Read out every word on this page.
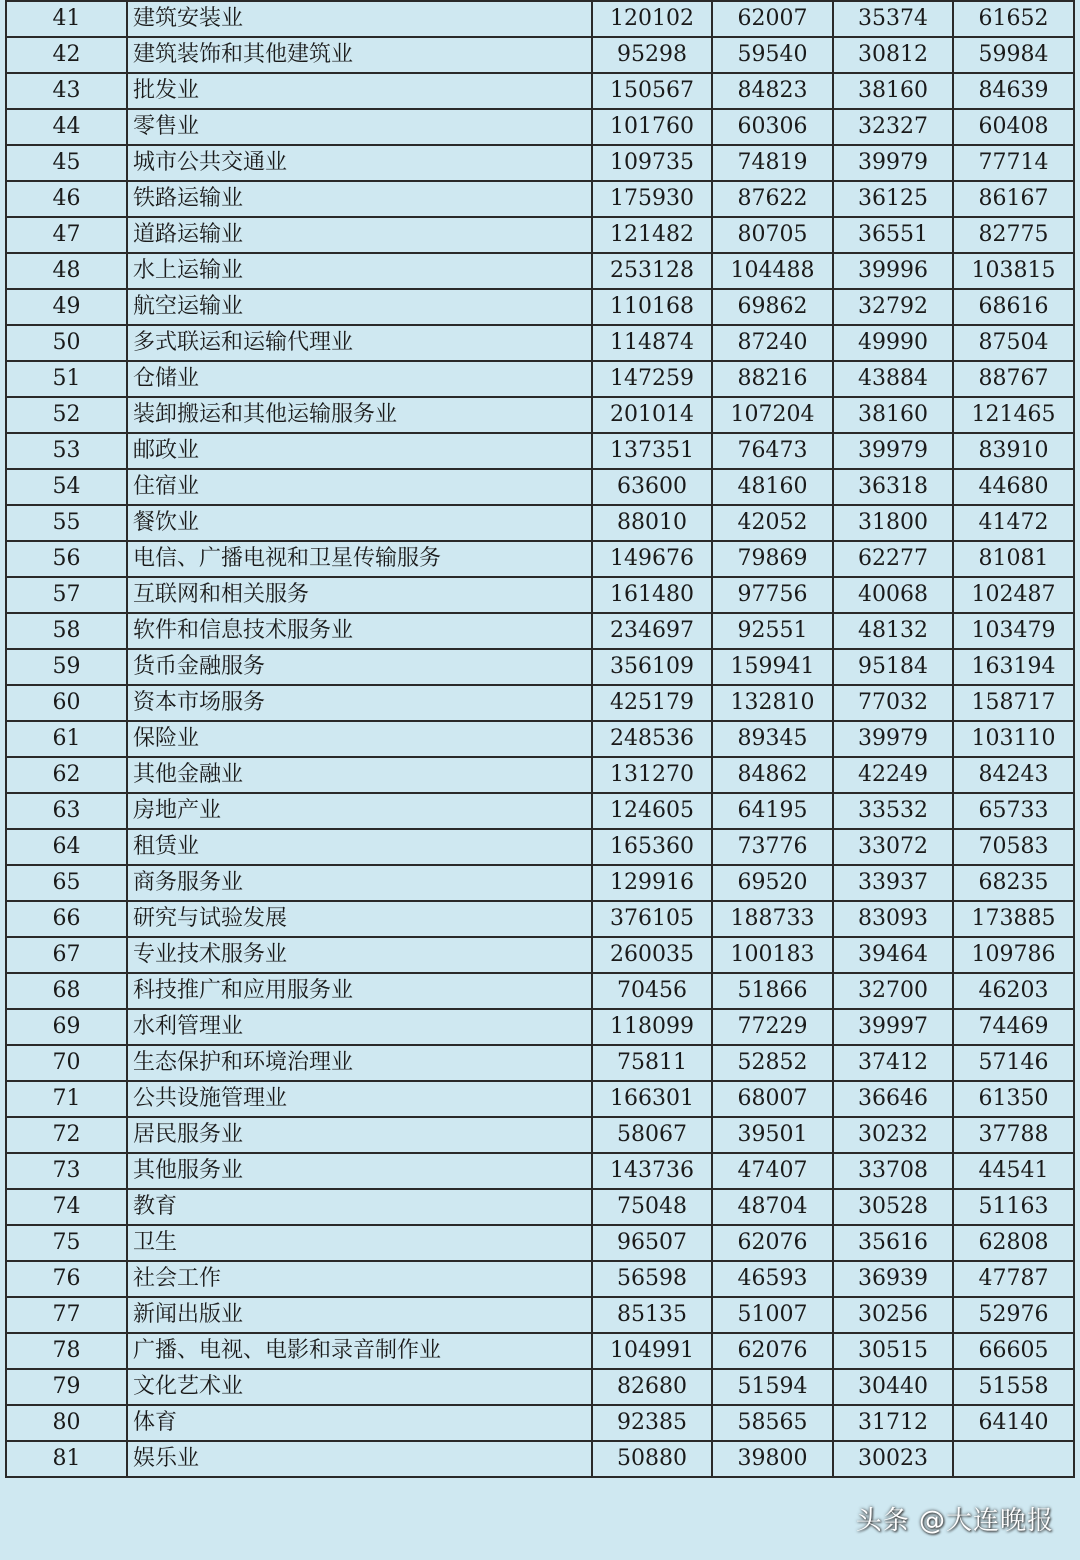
41	建筑安装业	120102	62007	35374	61652
42	建筑装饰和其他建筑业	95298	59540	30812	59984
43	批发业	150567	84823	38160	84639
44	零售业	101760	60306	32327	60408
45	城市公共交通业	109735	74819	39979	77714
46	铁路运输业	175930	87622	36125	86167
47	道路运输业	121482	80705	36551	82775
48	水上运输业	253128	104488	39996	103815
49	航空运输业	110168	69862	32792	68616
50	多式联运和运输代理业	114874	87240	49990	87504
51	仓储业	147259	88216	43884	88767
52	装卸搬运和其他运输服务业	201014	107204	38160	121465
53	邮政业	137351	76473	39979	83910
54	住宿业	63600	48160	36318	44680
55	餐饮业	88010	42052	31800	41472
56	电信、广播电视和卫星传输服务	149676	79869	62277	81081
57	互联网和相关服务	161480	97756	40068	102487
58	软件和信息技术服务业	234697	92551	48132	103479
59	货币金融服务	356109	159941	95184	163194
60	资本市场服务	425179	132810	77032	158717
61	保险业	248536	89345	39979	103110
62	其他金融业	131270	84862	42249	84243
63	房地产业	124605	64195	33532	65733
64	租赁业	165360	73776	33072	70583
65	商务服务业	129916	69520	33937	68235
66	研究与试验发展	376105	188733	83093	173885
67	专业技术服务业	260035	100183	39464	109786
68	科技推广和应用服务业	70456	51866	32700	46203
69	水利管理业	118099	77229	39997	74469
70	生态保护和环境治理业	75811	52852	37412	57146
71	公共设施管理业	166301	68007	36646	61350
72	居民服务业	58067	39501	30232	37788
73	其他服务业	143736	47407	33708	44541
74	教育	75048	48704	30528	51163
75	卫生	96507	62076	35616	62808
76	社会工作	56598	46593	36939	47787
77	新闻出版业	85135	51007	30256	52976
78	广播、电视、电影和录音制作业	104991	62076	30515	66605
79	文化艺术业	82680	51594	30440	51558
80	体育	92385	58565	31712	64140
81	娱乐业	50880	39800	30023	
头条 @大连晚报
